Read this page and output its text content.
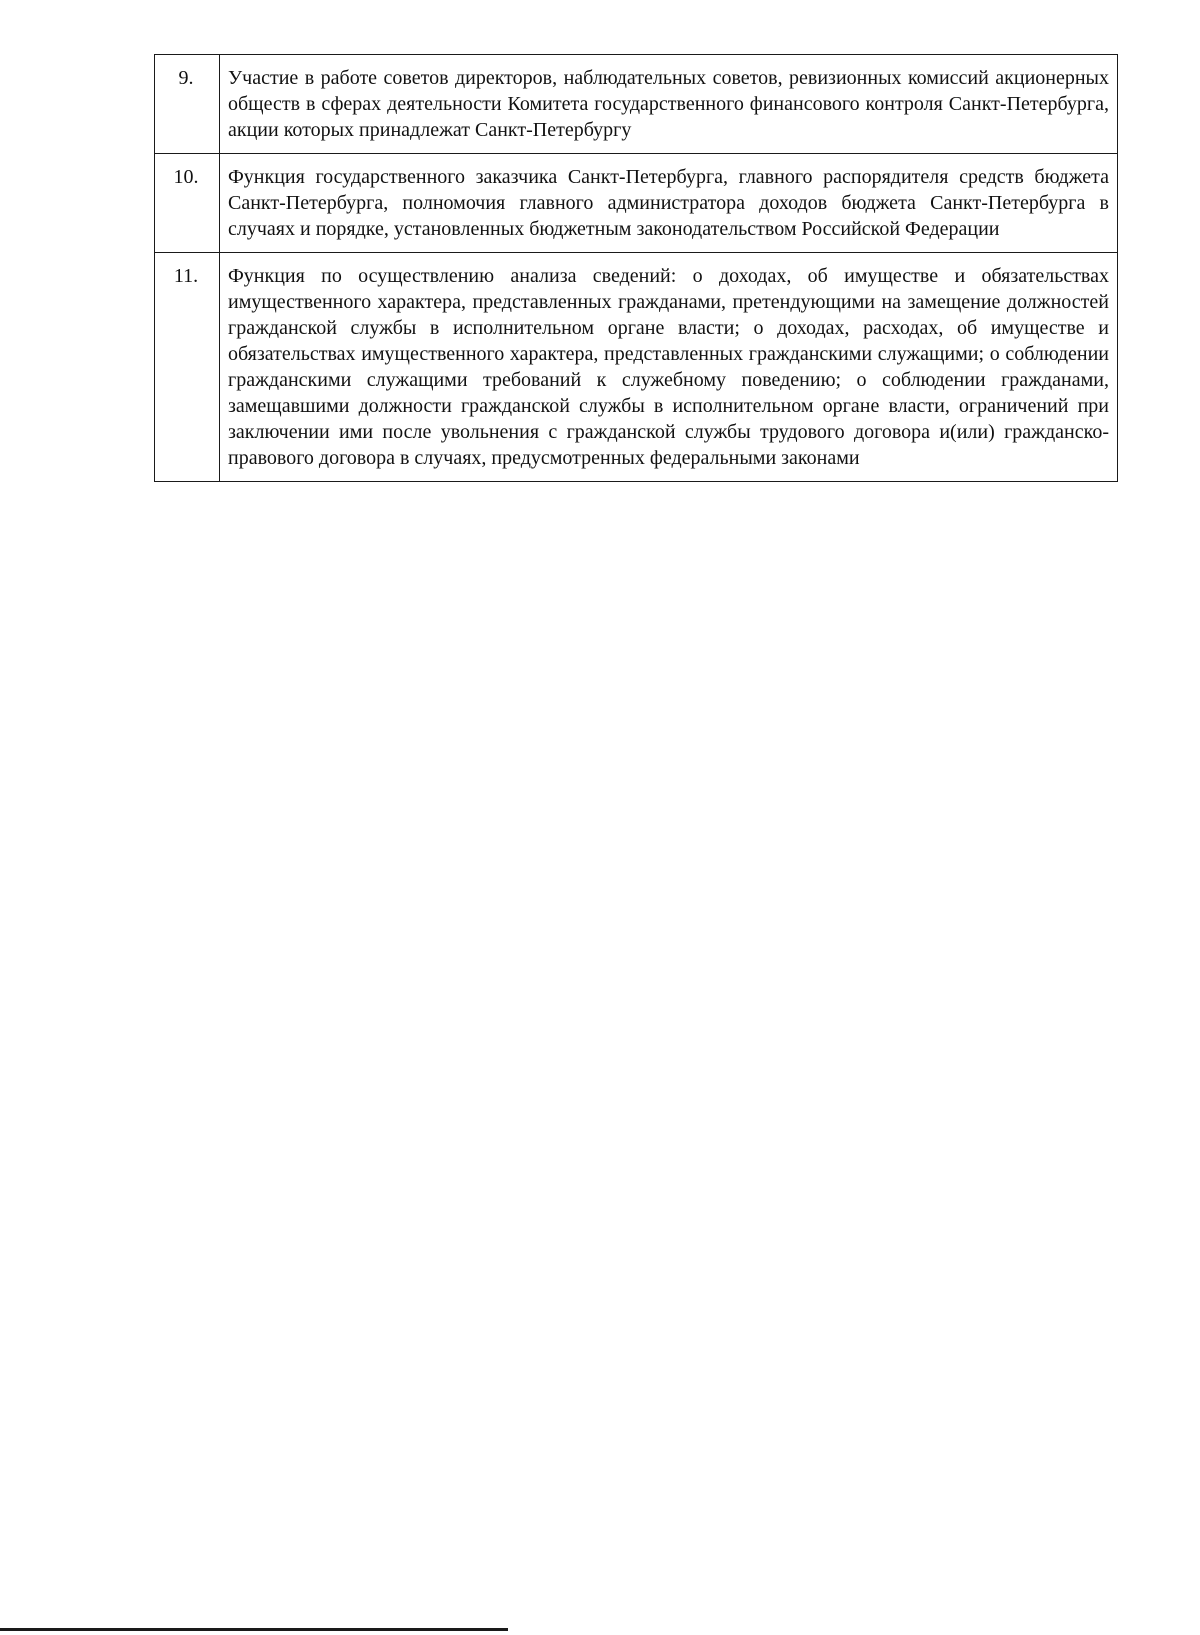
9.	Участие в работе советов директоров, наблюдательных советов, ревизионных комиссий акционерных обществ в сферах деятельности Комитета государственного финансового контроля Санкт-Петербурга, акции которых принадлежат Санкт-Петербургу
10.	Функция государственного заказчика Санкт-Петербурга, главного распорядителя средств бюджета Санкт-Петербурга, полномочия главного администратора доходов бюджета Санкт-Петербурга в случаях и порядке, установленных бюджетным законодательством Российской Федерации
11.	Функция по осуществлению анализа сведений: о доходах, об имуществе и обязательствах имущественного характера, представленных гражданами, претендующими на замещение должностей гражданской службы в исполнительном органе власти; о доходах, расходах, об имуществе и обязательствах имущественного характера, представленных гражданскими служащими; о соблюдении гражданскими служащими требований к служебному поведению; о соблюдении гражданами, замещавшими должности гражданской службы в исполнительном органе власти, ограничений при заключении ими после увольнения с гражданской службы трудового договора и(или) гражданско-правового договора в случаях, предусмотренных федеральными законами
